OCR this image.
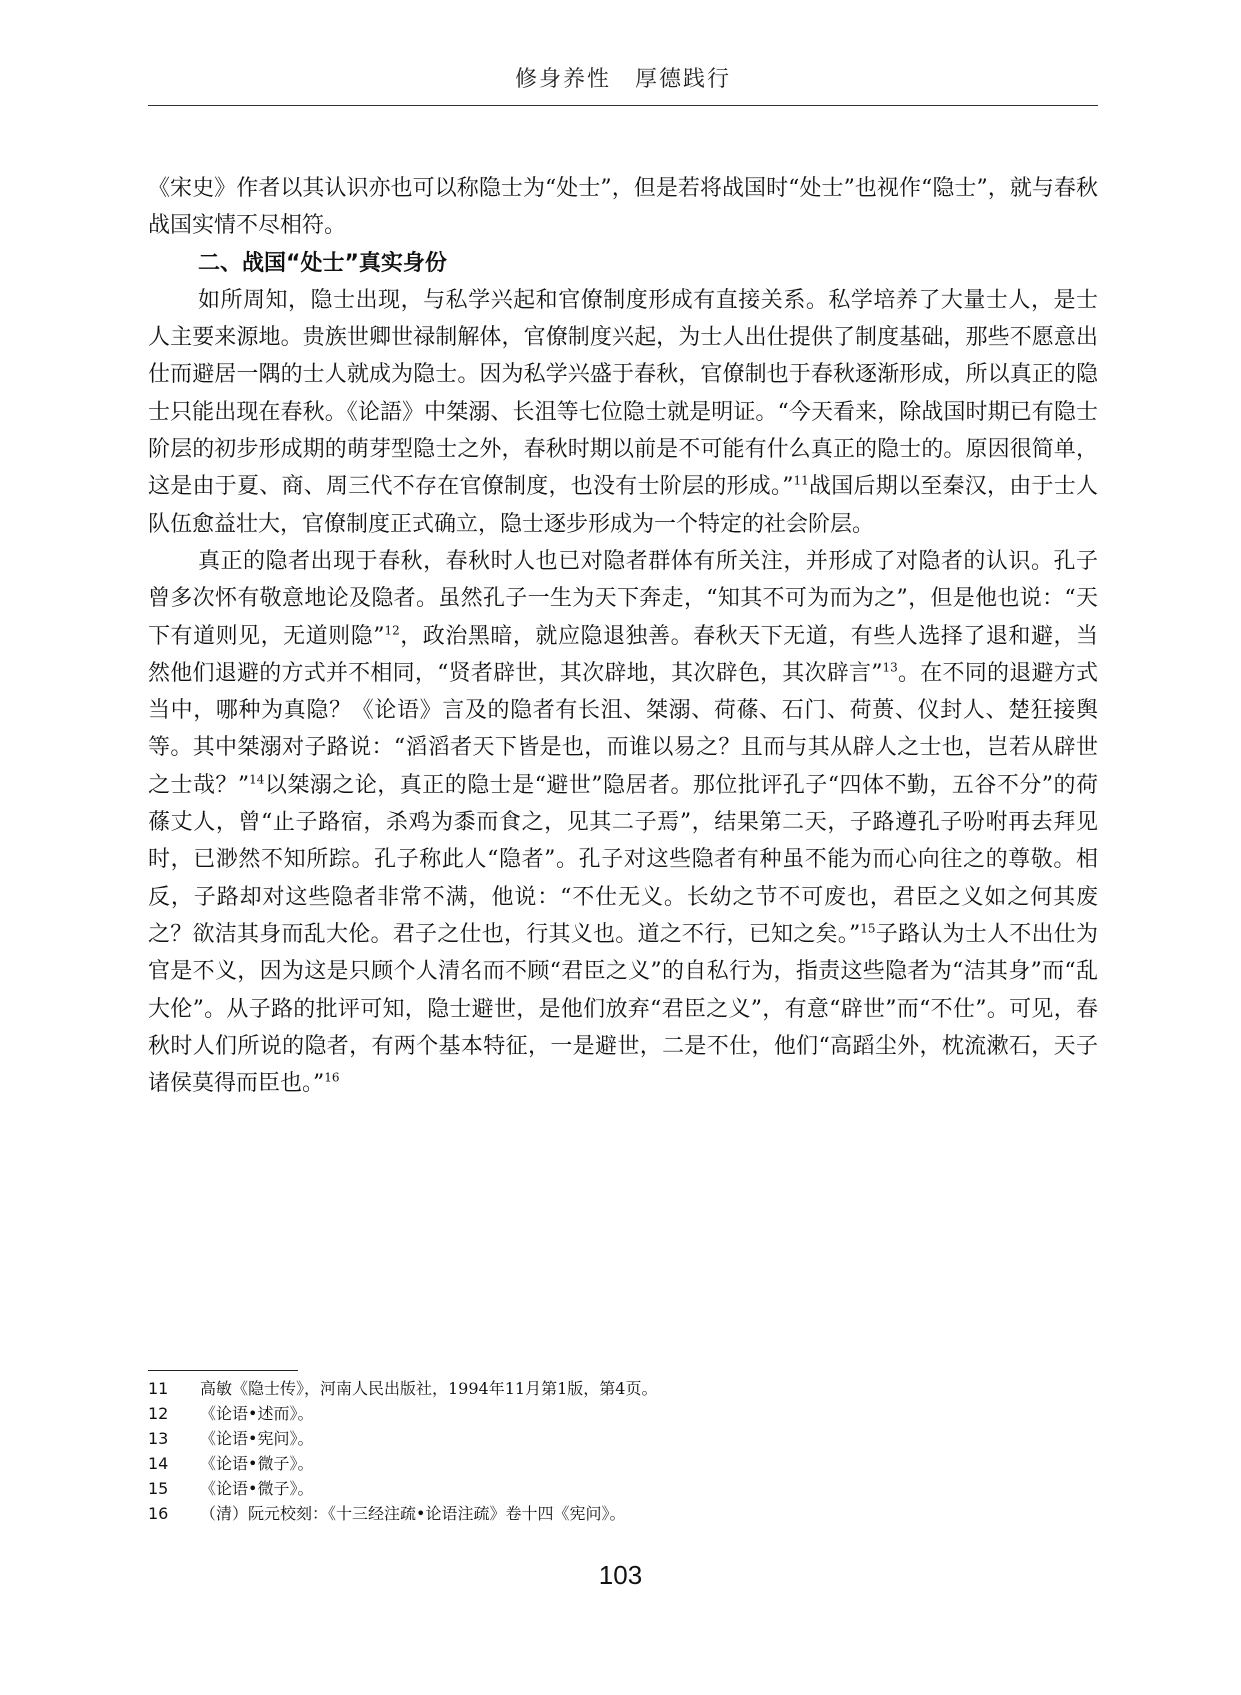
修身养性　厚德践行

《宋史》作者以其认识亦也可以称隐士为“处士”，但是若将战国时“处士”也视作“隐士”，就与春秋战国实情不尽相符。

二、战国“处士”真实身份

如所周知，隐士出现，与私学兴起和官僚制度形成有直接关系。私学培养了大量士人，是士人主要来源地。贵族世卿世禄制解体，官僚制度兴起，为士人出仕提供了制度基础，那些不愿意出仕而避居一隅的士人就成为隐士。因为私学兴盛于春秋，官僚制也于春秋逐渐形成，所以真正的隐士只能出现在春秋。《论語》中桀溺、长沮等七位隐士就是明证。“今天看来，除战国时期已有隐士阶层的初步形成期的萌芽型隐士之外，春秋时期以前是不可能有什么真正的隐士的。原因很简单，这是由于夏、商、周三代不存在官僚制度，也没有士阶层的形成。”$^{11}$战国后期以至秦汉，由于士人队伍愈益壮大，官僚制度正式确立，隐士逐步形成为一个特定的社会阶层。

真正的隐者出现于春秋，春秋时人也已对隐者群体有所关注，并形成了对隐者的认识。孔子曾多次怀有敬意地论及隐者。虽然孔子一生为天下奔走，“知其不可为而为之”，但是他也说：“天下有道则见，无道则隐”$^{12}$，政治黑暗，就应隐退独善。春秋天下无道，有些人选择了退和避，当然他们退避的方式并不相同，“贤者辟世，其次辟地，其次辟色，其次辟言”$^{13}$。在不同的退避方式当中，哪种为真隐？《论语》言及的隐者有长沮、桀溺、荷蓧、石门、荷蒉、仪封人、楚狂接舆等。其中桀溺对子路说：“滔滔者天下皆是也，而谁以易之？且而与其从辟人之士也，岂若从辟世之士哉？”$^{14}$以桀溺之论，真正的隐士是“避世”隐居者。那位批评孔子“四体不勤，五谷不分”的荷蓧丈人，曾“止子路宿，杀鸡为黍而食之，见其二子焉”，结果第二天，子路遵孔子吩咐再去拜见时，已渺然不知所踪。孔子称此人“隐者”。孔子对这些隐者有种虽不能为而心向往之的尊敬。相反，子路却对这些隐者非常不满，他说：“不仕无义。长幼之节不可废也，君臣之义如之何其废之？欲洁其身而乱大伦。君子之仕也，行其义也。道之不行，已知之矣。”$^{15}$子路认为士人不出仕为官是不义，因为这是只顾个人清名而不顾“君臣之义”的自私行为，指责这些隐者为“洁其身”而“乱大伦”。从子路的批评可知，隐士避世，是他们放弃“君臣之义”，有意“辟世”而“不仕”。可见，春秋时人们所说的隐者，有两个基本特征，一是避世，二是不仕，他们“高蹈尘外，枕流漱石，天子诸侯莫得而臣也。”$^{16}$

11	高敏《隐士传》，河南人民出版社，1994年11月第1版，第4页。
12	《论语•述而》。
13	《论语•宪问》。
14	《论语•微子》。
15	《论语•微子》。
16	（清）阮元校刻：《十三经注疏•论语注疏》卷十四《宪问》。
103
